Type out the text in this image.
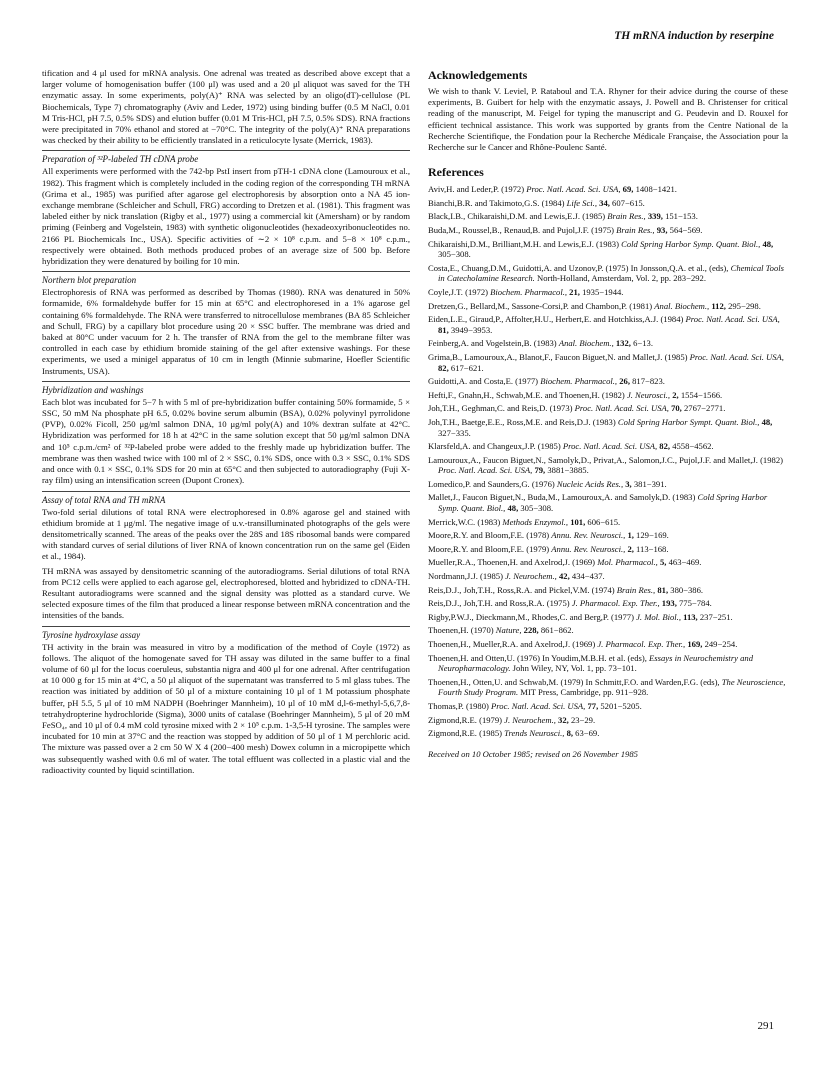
TH mRNA induction by reserpine

tification and 4 μl used for mRNA analysis. One adrenal was treated as described above except that a larger volume of homogenisation buffer (100 μl) was used and a 20 μl aliquot was saved for the TH enzymatic assay. In some experiments, poly(A)⁺ RNA was selected by an oligo(dT)-cellulose (PL Biochemicals, Type 7) chromatography (Aviv and Leder, 1972) using binding buffer (0.5 M NaCl, 0.01 M Tris-HCl, pH 7.5, 0.5% SDS) and elution buffer (0.01 M Tris-HCl, pH 7.5, 0.5% SDS). RNA fractions were precipitated in 70% ethanol and stored at −70°C. The integrity of the poly(A)⁺ RNA preparations was checked by their ability to be efficiently translated in a reticulocyte lysate (Merrick, 1983).

Preparation of ³²P-labeled TH cDNA probe

All experiments were performed with the 742-bp PstI insert from pTH-1 cDNA clone (Lamouroux et al., 1982). This fragment which is completely included in the coding region of the corresponding TH mRNA (Grima et al., 1985) was purified after agarose gel electrophoresis by absorption onto a NA 45 ion-exchange membrane (Schleicher and Schull, FRG) according to Dretzen et al. (1981). This fragment was labeled either by nick translation (Rigby et al., 1977) using a commercial kit (Amersham) or by random priming (Feinberg and Vogelstein, 1983) with synthetic oligonucleotides (hexadeoxyribonucleotides no. 2166 PL Biochemicals Inc., USA). Specific activities of ∼2 × 10⁸ c.p.m. and 5−8 × 10⁸ c.p.m., respectively were obtained. Both methods produced probes of an average size of 500 bp. Before hybridization they were denatured by boiling for 10 min.

Northern blot preparation

Electrophoresis of RNA was performed as described by Thomas (1980). RNA was denatured in 50% formamide, 6% formaldehyde buffer for 15 min at 65°C and electrophoresed in a 1% agarose gel containing 6% formaldehyde. The RNA were transferred to nitrocellulose membranes (BA 85 Schleicher and Schull, FRG) by a capillary blot procedure using 20 × SSC buffer. The membrane was dried and baked at 80°C under vacuum for 2 h. The transfer of RNA from the gel to the membrane filter was controlled in each case by ethidium bromide staining of the gel after extensive washings. For these experiments, we used a minigel apparatus of 10 cm in length (Minnie submarine, Hoefler Scientific Instruments, USA).

Hybridization and washings

Each blot was incubated for 5−7 h with 5 ml of pre-hybridization buffer containing 50% formamide, 5 × SSC, 50 mM Na phosphate pH 6.5, 0.02% bovine serum albumin (BSA), 0.02% polyvinyl pyrrolidone (PVP), 0.02% Ficoll, 250 μg/ml salmon DNA, 10 μg/ml poly(A) and 10% dextran sulfate at 42°C. Hybridization was performed for 18 h at 42°C in the same solution except that 50 μg/ml salmon DNA and 10⁵ c.p.m./cm² of ³²P-labeled probe were added to the freshly made up hybridization buffer. The membrane was then washed twice with 100 ml of 2 × SSC, 0.1% SDS, once with 0.3 × SSC, 0.1% SDS and once with 0.1 × SSC, 0.1% SDS for 20 min at 65°C and then subjected to autoradiography (Fuji X-ray film) using an intensification screen (Dupont Cronex).

Assay of total RNA and TH mRNA

Two-fold serial dilutions of total RNA were electrophoresed in 0.8% agarose gel and stained with ethidium bromide at 1 μg/ml. The negative image of u.v.-transilluminated photographs of the gels were densitometrically scanned. The areas of the peaks over the 28S and 18S ribosomal bands were compared with standard curves of serial dilutions of liver RNA of known concentration run on the same gel (Eiden et al., 1984).

TH mRNA was assayed by densitometric scanning of the autoradiograms. Serial dilutions of total RNA from PC12 cells were applied to each agarose gel, electrophoresed, blotted and hybridized to cDNA-TH. Resultant autoradiograms were scanned and the signal density was plotted as a standard curve. We selected exposure times of the film that produced a linear response between mRNA concentration and the intensities of the bands.

Tyrosine hydroxylase assay

TH activity in the brain was measured in vitro by a modification of the method of Coyle (1972) as follows. The aliquot of the homogenate saved for TH assay was diluted in the same buffer to a final volume of 60 μl for the locus coeruleus, substantia nigra and 400 μl for one adrenal. After centrifugation at 10 000 g for 15 min at 4°C, a 50 μl aliquot of the supernatant was transferred to 5 ml glass tubes. The reaction was initiated by addition of 50 μl of a mixture containing 10 μl of 1 M potassium phosphate buffer, pH 5.5, 5 μl of 10 mM NADPH (Boehringer Mannheim), 10 μl of 10 mM d,l-6-methyl-5,6,7,8-tetrahydropterine hydrochloride (Sigma), 3000 units of catalase (Boehringer Mannheim), 5 μl of 20 mM FeSO₄, and 10 μl of 0.4 mM cold tyrosine mixed with 2 × 10⁵ c.p.m. 1-3,5-H tyrosine. The samples were incubated for 10 min at 37°C and the reaction was stopped by addition of 50 μl of 1 M perchloric acid. The mixture was passed over a 2 cm 50 W X 4 (200−400 mesh) Dowex column in a micropipette which was subsequently washed with 0.6 ml of water. The total effluent was collected in a plastic vial and the radioactivity counted by liquid scintillation.

Acknowledgements

We wish to thank V. Leviel, P. Rataboul and T.A. Rhyner for their advice during the course of these experiments, B. Guibert for help with the enzymatic assays, J. Powell and B. Christenser for critical reading of the manuscript, M. Feigel for typing the manuscript and G. Peudevin and D. Rouxel for efficient technical assistance. This work was supported by grants from the Centre National de la Recherche Scientifique, the Fondation pour la Recherche Médicale Française, the Association pour la Recherche sur le Cancer and Rhône-Poulenc Santé.

References
Aviv,H. and Leder,P. (1972) Proc. Natl. Acad. Sci. USA, 69, 1408−1421.
Bianchi,B.R. and Takimoto,G.S. (1984) Life Sci., 34, 607−615.
Black,I.B., Chikaraishi,D.M. and Lewis,E.J. (1985) Brain Res., 339, 151−153.
Buda,M., Roussel,B., Renaud,B. and Pujol,J.F. (1975) Brain Res., 93, 564−569.
Chikaraishi,D.M., Brilliant,M.H. and Lewis,E.J. (1983) Cold Spring Harbor Symp. Quant. Biol., 48, 305−308.
Costa,E., Chuang,D.M., Guidotti,A. and Uzonov,P. (1975) In Jonsson,Q.A. et al., (eds), Chemical Tools in Catecholamine Research. North-Holland, Amsterdam, Vol. 2, pp. 283−292.
Coyle,J.T. (1972) Biochem. Pharmacol., 21, 1935−1944.
Dretzen,G., Bellard,M., Sassone-Corsi,P. and Chambon,P. (1981) Anal. Biochem., 112, 295−298.
Eiden,L.E., Giraud,P., Affolter,H.U., Herbert,E. and Hotchkiss,A.J. (1984) Proc. Natl. Acad. Sci. USA, 81, 3949−3953.
Feinberg,A. and Vogelstein,B. (1983) Anal. Biochem., 132, 6−13.
Grima,B., Lamouroux,A., Blanot,F., Faucon Biguet,N. and Mallet,J. (1985) Proc. Natl. Acad. Sci. USA, 82, 617−621.
Guidotti,A. and Costa,E. (1977) Biochem. Pharmacol., 26, 817−823.
Hefti,F., Gnahn,H., Schwab,M.E. and Thoenen,H. (1982) J. Neurosci., 2, 1554−1566.
Joh,T.H., Geghman,C. and Reis,D. (1973) Proc. Natl. Acad. Sci. USA, 70, 2767−2771.
Joh,T.H., Baetge,E.E., Ross,M.E. and Reis,D.J. (1983) Cold Spring Harbor Sympt. Quant. Biol., 48, 327−335.
Klarsfeld,A. and Changeux,J.P. (1985) Proc. Natl. Acad. Sci. USA, 82, 4558−4562.
Lamouroux,A., Faucon Biguet,N., Samolyk,D., Privat,A., Salomon,J.C., Pujol,J.F. and Mallet,J. (1982) Proc. Natl. Acad. Sci. USA, 79, 3881−3885.
Lomedico,P. and Saunders,G. (1976) Nucleic Acids Res., 3, 381−391.
Mallet,J., Faucon Biguet,N., Buda,M., Lamouroux,A. and Samolyk,D. (1983) Cold Spring Harbor Symp. Quant. Biol., 48, 305−308.
Merrick,W.C. (1983) Methods Enzymol., 101, 606−615.
Moore,R.Y. and Bloom,F.E. (1978) Annu. Rev. Neurosci., 1, 129−169.
Moore,R.Y. and Bloom,F.E. (1979) Annu. Rev. Neurosci., 2, 113−168.
Mueller,R.A., Thoenen,H. and Axelrod,J. (1969) Mol. Pharmacol., 5, 463−469.
Nordmann,J.J. (1985) J. Neurochem., 42, 434−437.
Reis,D.J., Joh,T.H., Ross,R.A. and Pickel,V.M. (1974) Brain Res., 81, 380−386.
Reis,D.J., Joh,T.H. and Ross,R.A. (1975) J. Pharmacol. Exp. Ther., 193, 775−784.
Rigby,P.W.J., Dieckmann,M., Rhodes,C. and Berg,P. (1977) J. Mol. Biol., 113, 237−251.
Thoenen,H. (1970) Nature, 228, 861−862.
Thoenen,H., Mueller,R.A. and Axelrod,J. (1969) J. Pharmacol. Exp. Ther., 169, 249−254.
Thoenen,H. and Otten,U. (1976) In Youdim,M.B.H. et al. (eds), Essays in Neurochemistry and Neuropharmacology. John Wiley, NY, Vol. 1, pp. 73−101.
Thoenen,H., Otten,U. and Schwab,M. (1979) In Schmitt,F.O. and Warden,F.G. (eds), The Neuroscience, Fourth Study Program. MIT Press, Cambridge, pp. 911−928.
Thomas,P. (1980) Proc. Natl. Acad. Sci. USA, 77, 5201−5205.
Zigmond,R.E. (1979) J. Neurochem., 32, 23−29.
Zigmond,R.E. (1985) Trends Neurosci., 8, 63−69.
Received on 10 October 1985; revised on 26 November 1985
291
